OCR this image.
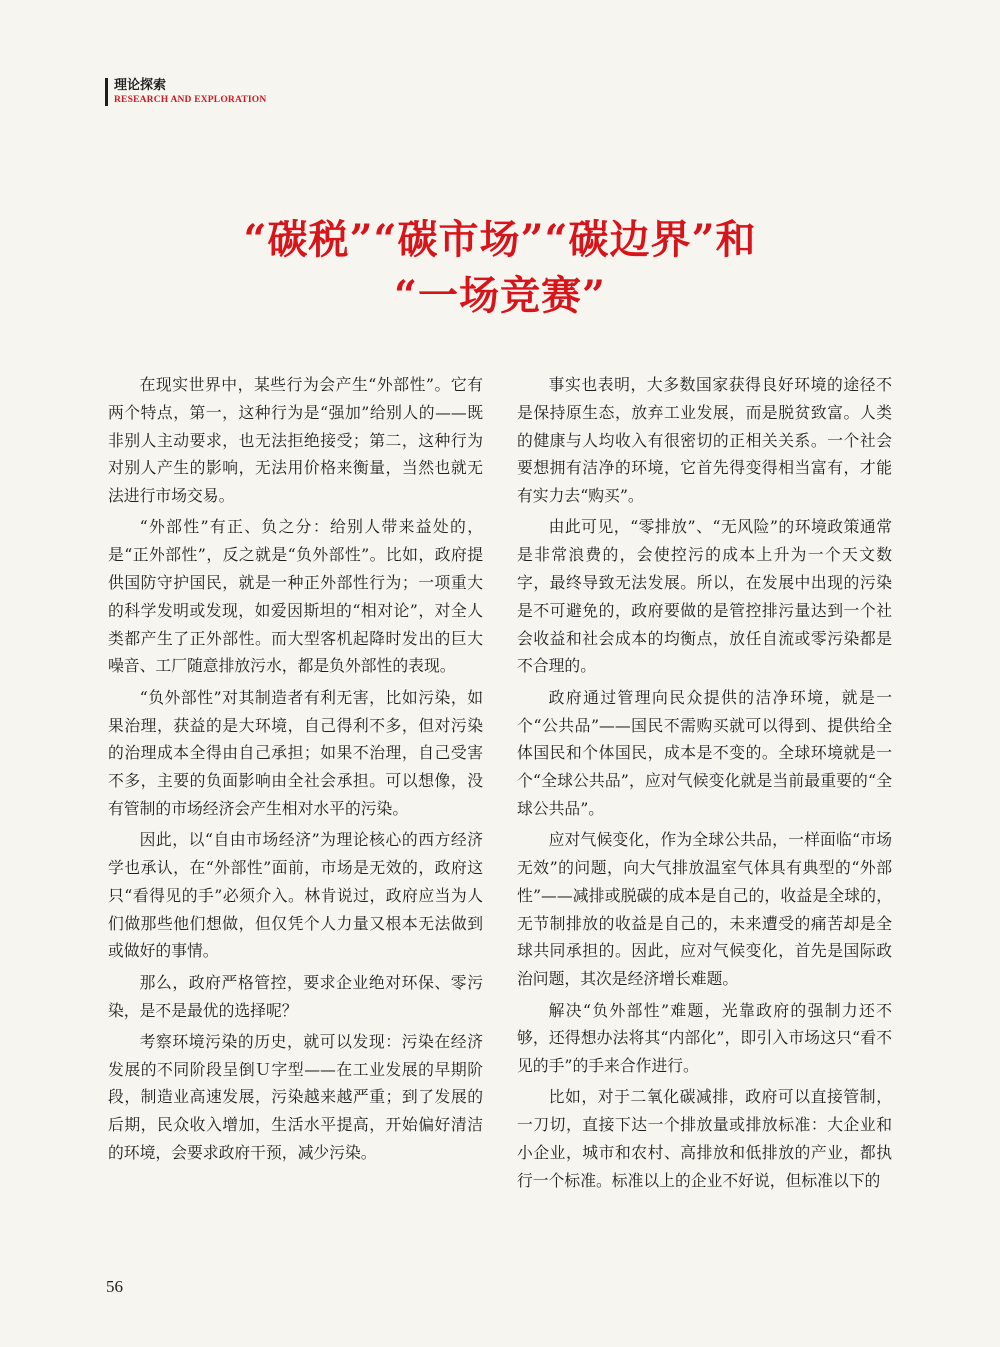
理论探索
RESEARCH AND EXPLORATION
“碳税”“碳市场”“碳边界”和
“一场竞赛”

在现实世界中，某些行为会产生“外部性”。它有两个特点，第一，这种行为是“强加”给别人的——既非别人主动要求，也无法拒绝接受；第二，这种行为对别人产生的影响，无法用价格来衡量，当然也就无法进行市场交易。

“外部性”有正、负之分：给别人带来益处的，是“正外部性”，反之就是“负外部性”。比如，政府提供国防守护国民，就是一种正外部性行为；一项重大的科学发明或发现，如爱因斯坦的“相对论”，对全人类都产生了正外部性。而大型客机起降时发出的巨大噪音、工厂随意排放污水，都是负外部性的表现。

“负外部性”对其制造者有利无害，比如污染，如果治理，获益的是大环境，自己得利不多，但对污染的治理成本全得由自己承担；如果不治理，自己受害不多，主要的负面影响由全社会承担。可以想像，没有管制的市场经济会产生相对水平的污染。

因此，以“自由市场经济”为理论核心的西方经济学也承认，在“外部性”面前，市场是无效的，政府这只“看得见的手”必须介入。林肯说过，政府应当为人们做那些他们想做，但仅凭个人力量又根本无法做到或做好的事情。

那么，政府严格管控，要求企业绝对环保、零污染，是不是最优的选择呢？

考察环境污染的历史，就可以发现：污染在经济发展的不同阶段呈倒Ｕ字型——在工业发展的早期阶段，制造业高速发展，污染越来越严重；到了发展的后期，民众收入增加，生活水平提高，开始偏好清洁的环境，会要求政府干预，减少污染。

事实也表明，大多数国家获得良好环境的途径不是保持原生态，放弃工业发展，而是脱贫致富。人类的健康与人均收入有很密切的正相关关系。一个社会要想拥有洁净的环境，它首先得变得相当富有，才能有实力去“购买”。

由此可见，“零排放”、“无风险”的环境政策通常是非常浪费的，会使控污的成本上升为一个天文数字，最终导致无法发展。所以，在发展中出现的污染是不可避免的，政府要做的是管控排污量达到一个社会收益和社会成本的均衡点，放任自流或零污染都是不合理的。

政府通过管理向民众提供的洁净环境，就是一个“公共品”——国民不需购买就可以得到、提供给全体国民和个体国民，成本是不变的。全球环境就是一个“全球公共品”，应对气候变化就是当前最重要的“全球公共品”。

应对气候变化，作为全球公共品，一样面临“市场无效”的问题，向大气排放温室气体具有典型的“外部性”——减排或脱碳的成本是自己的，收益是全球的，无节制排放的收益是自己的，未来遭受的痛苦却是全球共同承担的。因此，应对气候变化，首先是国际政治问题，其次是经济增长难题。

解决“负外部性”难题，光靠政府的强制力还不够，还得想办法将其“内部化”，即引入市场这只“看不见的手”的手来合作进行。

比如，对于二氧化碳减排，政府可以直接管制，一刀切，直接下达一个排放量或排放标准：大企业和小企业，城市和农村、高排放和低排放的产业，都执行一个标准。标准以上的企业不好说，但标准以下的

56
